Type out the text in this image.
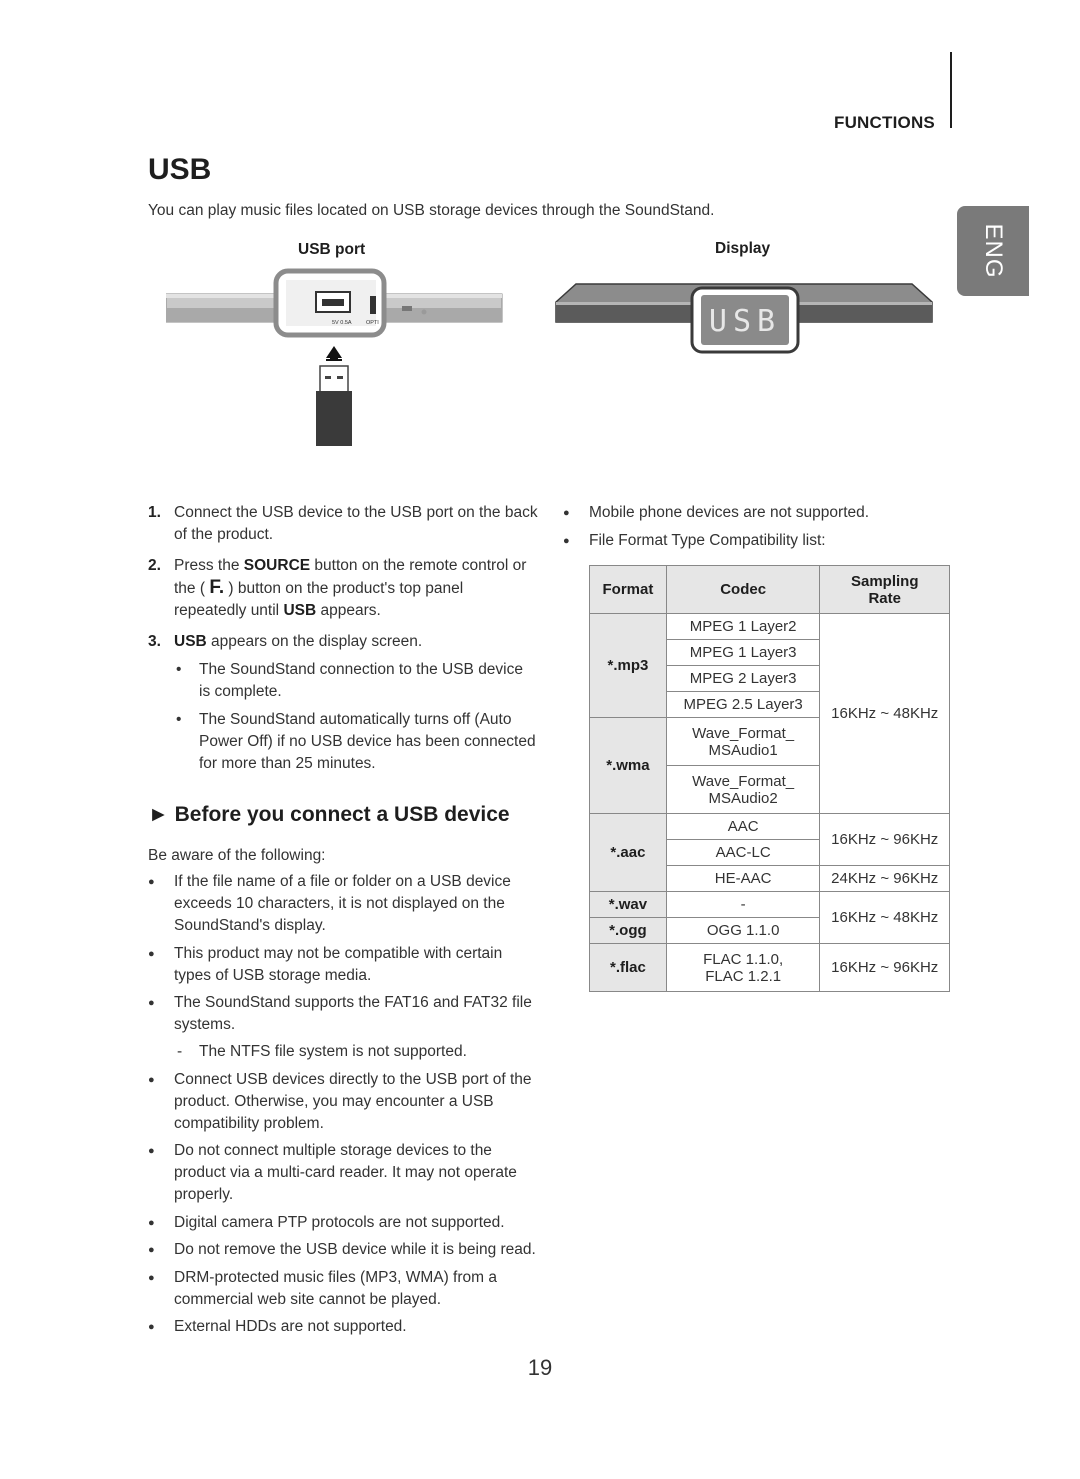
FUNCTIONS
ENG
USB
You can play music files located on USB storage devices through the SoundStand.
USB port
5V 0.5A	OPTI
Display
USB
1. Connect the USB device to the USB port on the back of the product.
2. Press the SOURCE button on the remote control or the ( F. ) button on the product's top panel repeatedly until USB appears.
3. USB appears on the display screen.
• The SoundStand connection to the USB device is complete.
• The SoundStand automatically turns off (Auto Power Off) if no USB device has been connected for more than 25 minutes.
► Before you connect a USB device
Be aware of the following:
● If the file name of a file or folder on a USB device exceeds 10 characters, it is not displayed on the SoundStand's display.
● This product may not be compatible with certain types of USB storage media.
● The SoundStand supports the FAT16 and FAT32 file systems.
- The NTFS file system is not supported.
● Connect USB devices directly to the USB port of the product. Otherwise, you may encounter a USB compatibility problem.
● Do not connect multiple storage devices to the product via a multi-card reader. It may not operate properly.
● Digital camera PTP protocols are not supported.
● Do not remove the USB device while it is being read.
● DRM-protected music files (MP3, WMA) from a commercial web site cannot be played.
● External HDDs are not supported.
● Mobile phone devices are not supported.
● File Format Type Compatibility list:
Format	Codec	Sampling
Rate
*.mp3	MPEG 1 Layer2	16KHz ~ 48KHz
	MPEG 1 Layer3	
	MPEG 2 Layer3	
	MPEG 2.5 Layer3	
*.wma	Wave_Format_
MSAudio1	
	Wave_Format_
MSAudio2	
*.aac	AAC	16KHz ~ 96KHz
	AAC-LC	
	HE-AAC	24KHz ~ 96KHz
*.wav	-	16KHz ~ 48KHz
*.ogg	OGG 1.1.0	
*.flac	FLAC 1.1.0,
FLAC 1.2.1	16KHz ~ 96KHz
19
